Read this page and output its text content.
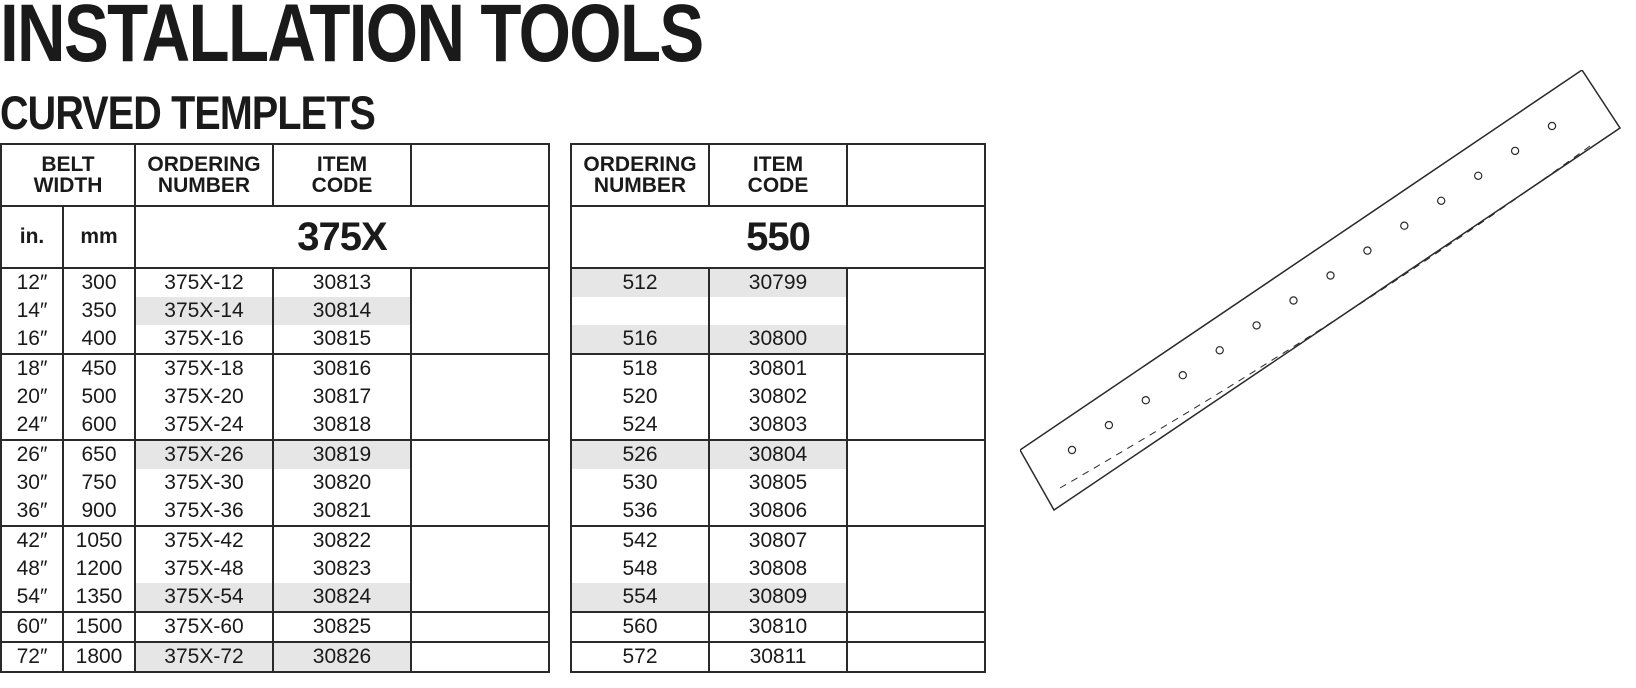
INSTALLATION TOOLS
CURVED TEMPLETS
BELT
WIDTH		ORDERING
NUMBER	ITEM
CODE	

in.	mm	375X		
12″	300	375X-12	30813	
14″	350	375X-14	30814	
16″	400	375X-16	30815	
18″	450	375X-18	30816	
20″	500	375X-20	30817	
24″	600	375X-24	30818	
26″	650	375X-26	30819	
30″	750	375X-30	30820	
36″	900	375X-36	30821	
42″	1050	375X-42	30822	
48″	1200	375X-48	30823	
54″	1350	375X-54	30824	
60″	1500	375X-60	30825	
72″	1800	375X-72	30826	
ORDERING
NUMBER	ITEM
CODE	

550		
512	30799	

516	30800	
518	30801	
520	30802	
524	30803	
526	30804	
530	30805	
536	30806	
542	30807	
548	30808	
554	30809	
560	30810	
572	30811	
